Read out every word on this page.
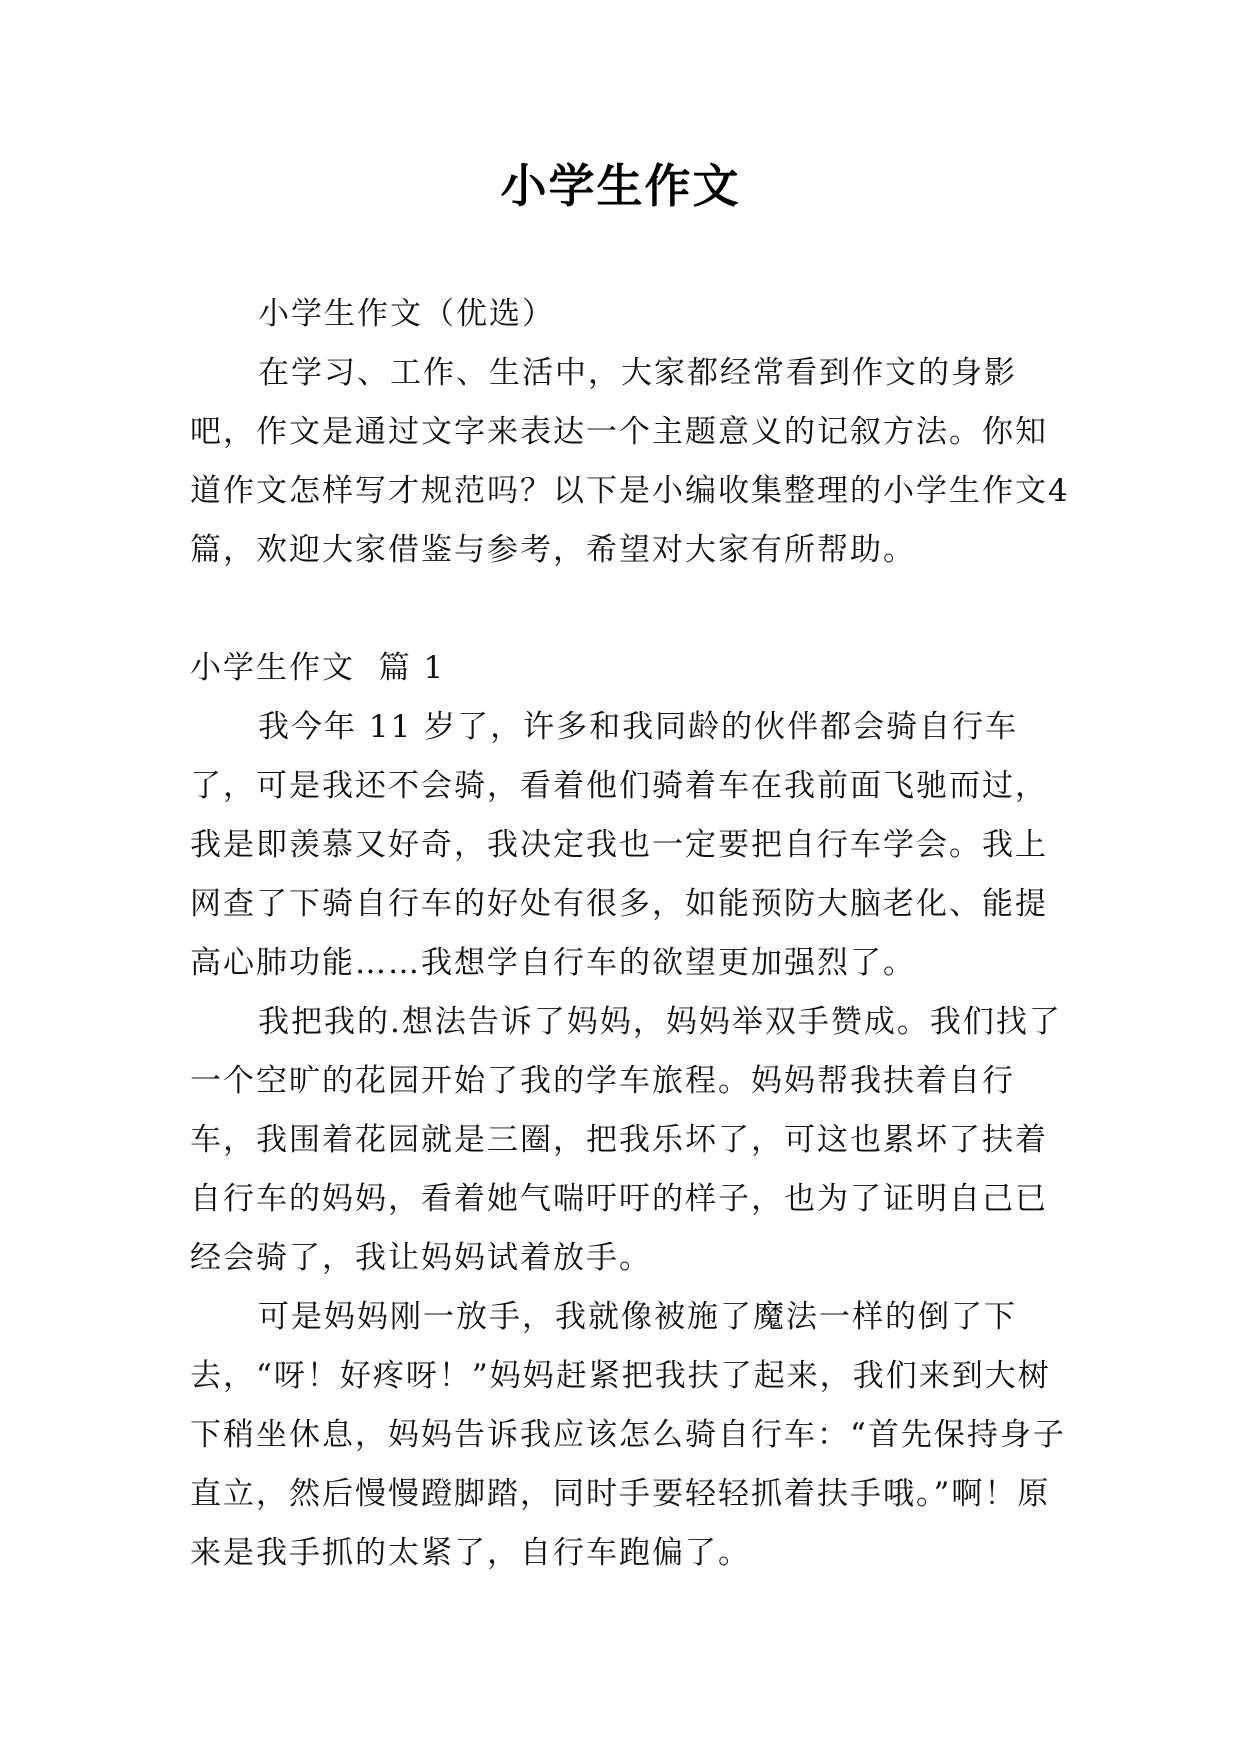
小学生作文

小学生作文（优选）

在学习、工作、生活中，大家都经常看到作文的身影吧，作文是通过文字来表达一个主题意义的记叙方法。你知道作文怎样写才规范吗？以下是小编收集整理的小学生作文4篇，欢迎大家借鉴与参考，希望对大家有所帮助。

小学生作文  篇 1

我今年 11 岁了，许多和我同龄的伙伴都会骑自行车了，可是我还不会骑，看着他们骑着车在我前面飞驰而过，我是即羡慕又好奇，我决定我也一定要把自行车学会。我上网查了下骑自行车的好处有很多，如能预防大脑老化、能提高心肺功能……我想学自行车的欲望更加强烈了。

我把我的.想法告诉了妈妈，妈妈举双手赞成。我们找了一个空旷的花园开始了我的学车旅程。妈妈帮我扶着自行车，我围着花园就是三圈，把我乐坏了，可这也累坏了扶着自行车的妈妈，看着她气喘吁吁的样子，也为了证明自己已经会骑了，我让妈妈试着放手。

可是妈妈刚一放手，我就像被施了魔法一样的倒了下去，“呀！好疼呀！”妈妈赶紧把我扶了起来，我们来到大树下稍坐休息，妈妈告诉我应该怎么骑自行车：“首先保持身子直立，然后慢慢蹬脚踏，同时手要轻轻抓着扶手哦。”啊！原来是我手抓的太紧了，自行车跑偏了。
